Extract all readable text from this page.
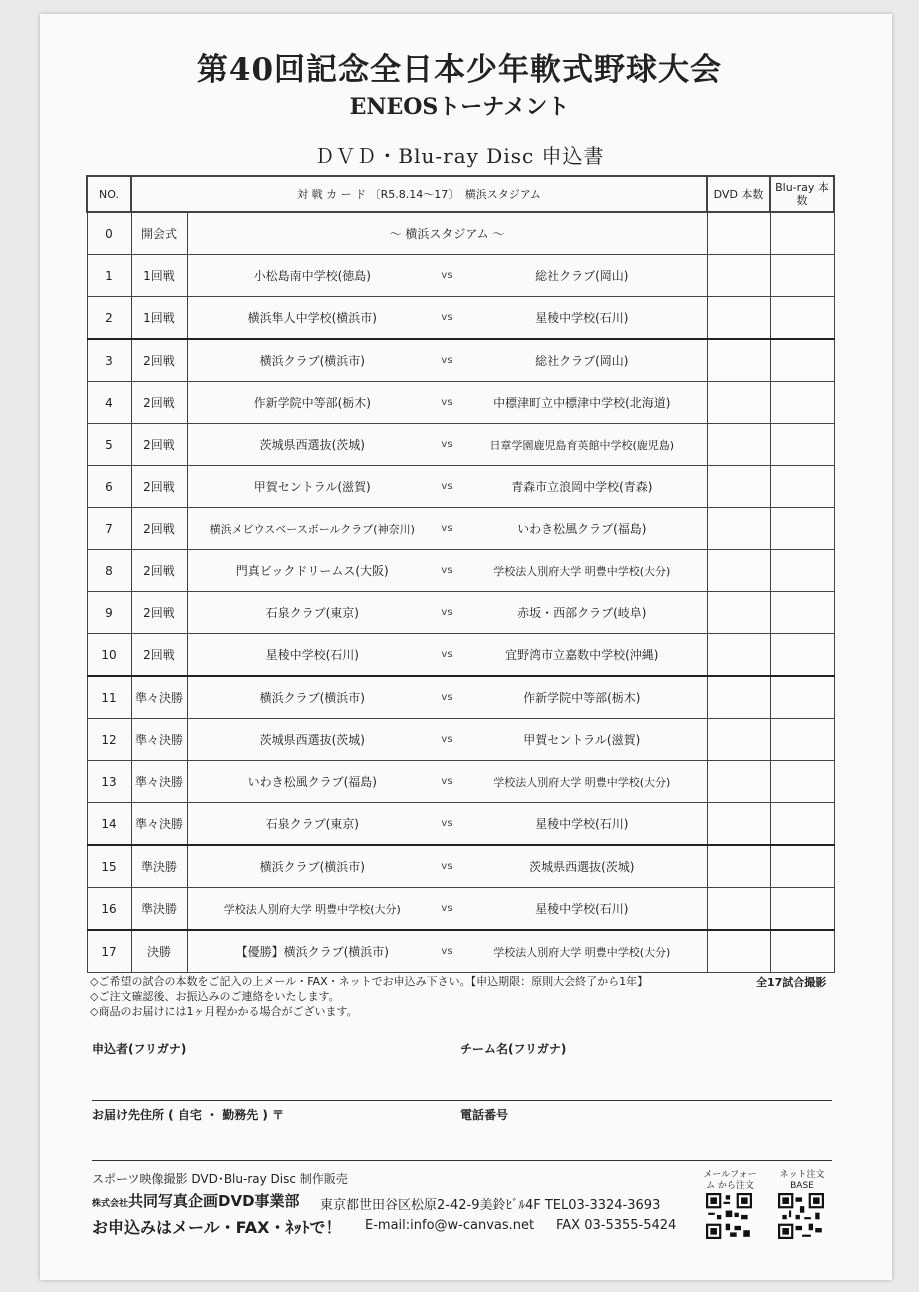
第40回記念全日本少年軟式野球大会
ENEOSトーナメント
ＤＶＤ・Blu-ray Disc 申込書
NO.	対 戦 カ ー ド 〔R5.8.14〜17〕　横浜スタジアム				DVD 本数	Blu-ray 本数
0	開会式	〜 横浜スタジアム 〜				
1	1回戦	小松島南中学校(徳島)	vs	総社クラブ(岡山)		
2	1回戦	横浜隼人中学校(横浜市)	vs	星稜中学校(石川)		
3	2回戦	横浜クラブ(横浜市)	vs	総社クラブ(岡山)		
4	2回戦	作新学院中等部(栃木)	vs	中標津町立中標津中学校(北海道)		
5	2回戦	茨城県西選抜(茨城)	vs	日章学園鹿児島育英館中学校(鹿児島)		
6	2回戦	甲賀セントラル(滋賀)	vs	青森市立浪岡中学校(青森)		
7	2回戦	横浜メビウスベースボールクラブ(神奈川)	vs	いわき松風クラブ(福島)		
8	2回戦	門真ビックドリームス(大阪)	vs	学校法人別府大学 明豊中学校(大分)		
9	2回戦	石泉クラブ(東京)	vs	赤坂・西部クラブ(岐阜)		
10	2回戦	星稜中学校(石川)	vs	宜野湾市立嘉数中学校(沖縄)		
11	準々決勝	横浜クラブ(横浜市)	vs	作新学院中等部(栃木)		
12	準々決勝	茨城県西選抜(茨城)	vs	甲賀セントラル(滋賀)		
13	準々決勝	いわき松風クラブ(福島)	vs	学校法人別府大学 明豊中学校(大分)		
14	準々決勝	石泉クラブ(東京)	vs	星稜中学校(石川)		
15	準決勝	横浜クラブ(横浜市)	vs	茨城県西選抜(茨城)		
16	準決勝	学校法人別府大学 明豊中学校(大分)	vs	星稜中学校(石川)		
17	決勝	【優勝】横浜クラブ(横浜市)	vs	学校法人別府大学 明豊中学校(大分)		
◇ご希望の試合の本数をご記入の上メール・FAX・ネットでお申込み下さい。【申込期限：原則大会終了から1年】
◇ご注文確認後、お振込みのご連絡をいたします。
◇商品のお届けには1ヶ月程かかる場合がございます。
全17試合撮影
申込者(フリガナ)	チーム名(フリガナ)
お届け先住所 ( 自宅 ・ 勤務先 ) 〒	電話番号
スポーツ映像撮影 DVD･Blu-ray Disc 制作販売
株式会社共同写真企画DVD事業部 東京都世田谷区松原2-42-9美鈴ﾋﾞﾙ4F TEL03-3324-3693
お申込みはメール・FAX・ﾈｯﾄで！ E-mail:info@w-canvas.net FAX 03-5355-5424
メールフォーム から注文
ネット注文 BASE
